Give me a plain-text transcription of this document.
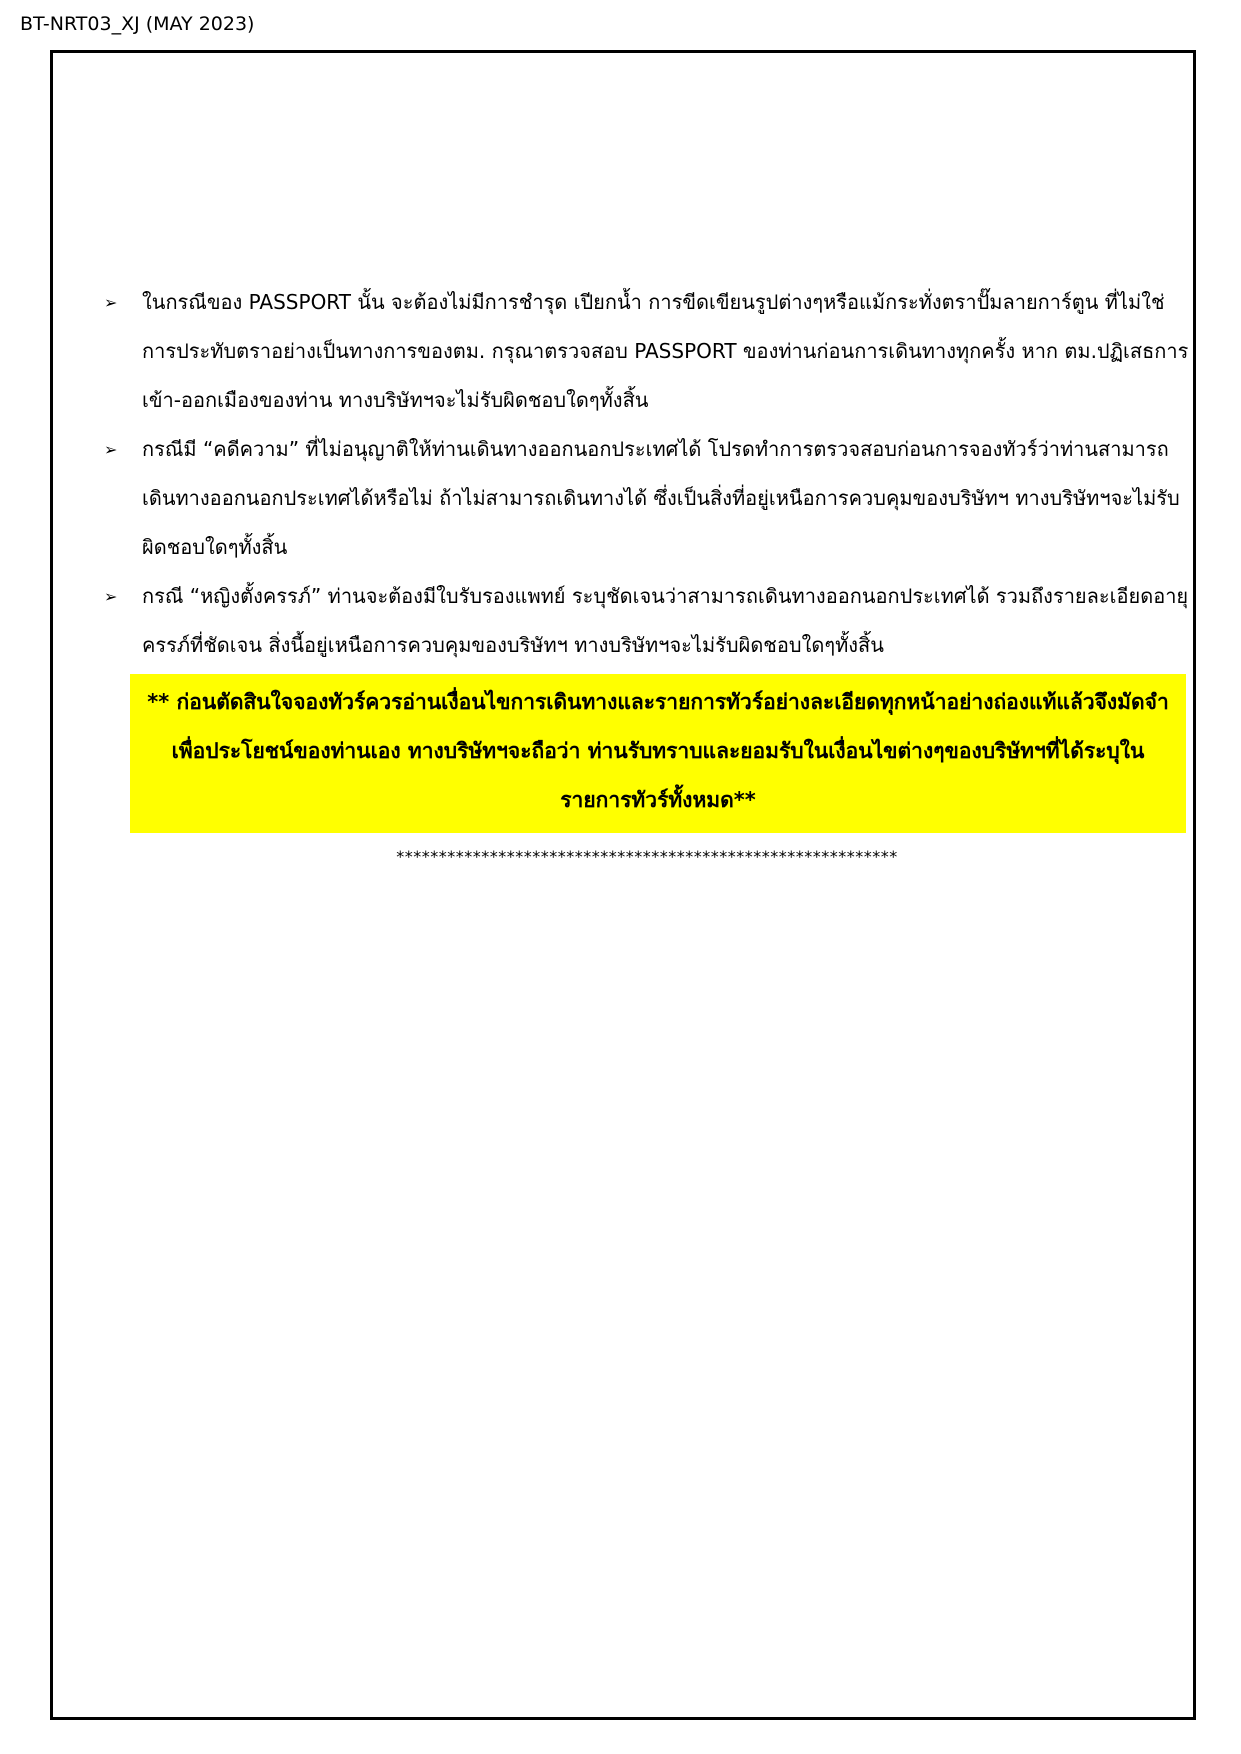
BT-NRT03_XJ (MAY 2023)
➢ ในกรณีของ PASSPORT นั้น จะต้องไม่มีการชำรุด เปียกน้ำ การขีดเขียนรูปต่างๆหรือแม้กระทั่งตราปั๊มลายการ์ตูน ที่ไม่ใช่การประทับตราอย่างเป็นทางการของตม. กรุณาตรวจสอบ PASSPORT ของท่านก่อนการเดินทางทุกครั้ง หาก ตม.ปฏิเสธการเข้า-ออกเมืองของท่าน ทางบริษัทฯจะไม่รับผิดชอบใดๆทั้งสิ้น
➢ กรณีมี “คดีความ” ที่ไม่อนุญาติให้ท่านเดินทางออกนอกประเทศได้ โปรดทำการตรวจสอบก่อนการจองทัวร์ว่าท่านสามารถเดินทางออกนอกประเทศได้หรือไม่ ถ้าไม่สามารถเดินทางได้ ซึ่งเป็นสิ่งที่อยู่เหนือการควบคุมของบริษัทฯ ทางบริษัทฯจะไม่รับผิดชอบใดๆทั้งสิ้น
➢ กรณี “หญิงตั้งครรภ์” ท่านจะต้องมีใบรับรองแพทย์ ระบุชัดเจนว่าสามารถเดินทางออกนอกประเทศได้ รวมถึงรายละเอียดอายุครรภ์ที่ชัดเจน สิ่งนี้อยู่เหนือการควบคุมของบริษัทฯ ทางบริษัทฯจะไม่รับผิดชอบใดๆทั้งสิ้น
** ก่อนตัดสินใจจองทัวร์ควรอ่านเงื่อนไขการเดินทางและรายการทัวร์อย่างละเอียดทุกหน้าอย่างถ่องแท้แล้วจึงมัดจำเพื่อประโยชน์ของท่านเอง ทางบริษัทฯจะถือว่า ท่านรับทราบและยอมรับในเงื่อนไขต่างๆของบริษัทฯที่ได้ระบุในรายการทัวร์ทั้งหมด**
***********************************************************
